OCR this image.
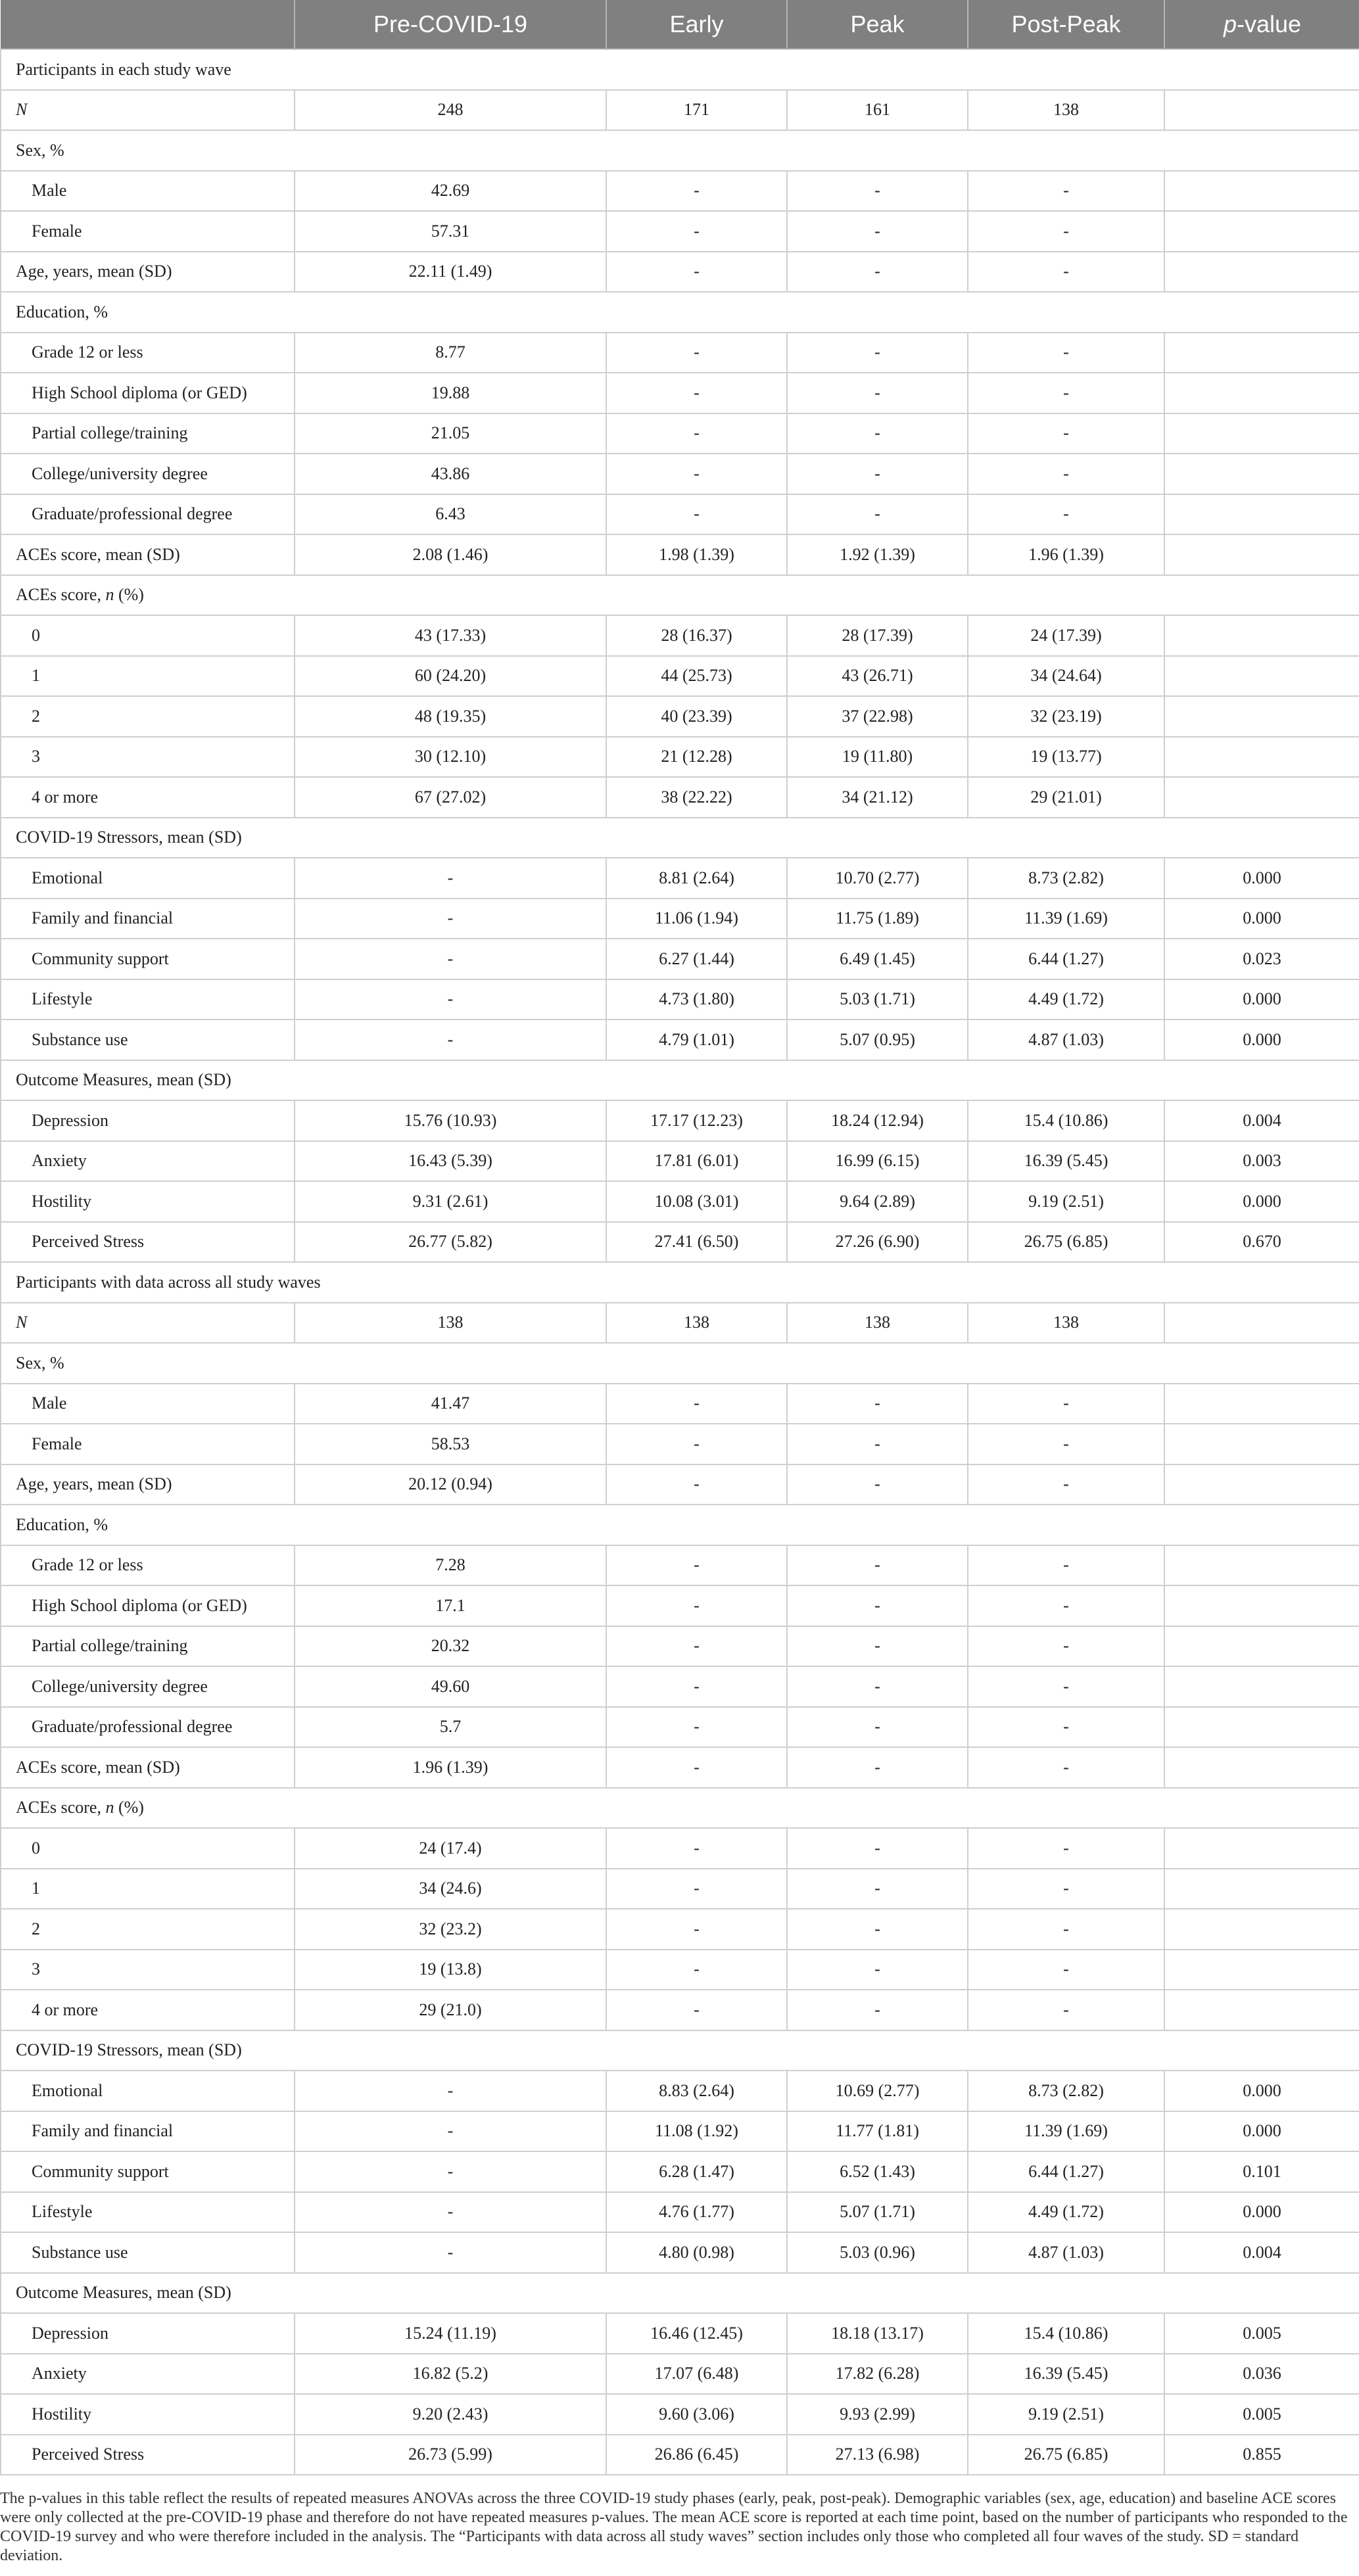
	Pre-COVID-19	Early	Peak	Post-Peak	p-value
Participants in each study wave					
N	248	171	161	138	
Sex, %					
Male	42.69	-	-	-	
Female	57.31	-	-	-	
Age, years, mean (SD)	22.11 (1.49)	-	-	-	
Education, %					
Grade 12 or less	8.77	-	-	-	
High School diploma (or GED)	19.88	-	-	-	
Partial college/training	21.05	-	-	-	
College/university degree	43.86	-	-	-	
Graduate/professional degree	6.43	-	-	-	
ACEs score, mean (SD)	2.08 (1.46)	1.98 (1.39)	1.92 (1.39)	1.96 (1.39)	
ACEs score, n (%)					
0	43 (17.33)	28 (16.37)	28 (17.39)	24 (17.39)	
1	60 (24.20)	44 (25.73)	43 (26.71)	34 (24.64)	
2	48 (19.35)	40 (23.39)	37 (22.98)	32 (23.19)	
3	30 (12.10)	21 (12.28)	19 (11.80)	19 (13.77)	
4 or more	67 (27.02)	38 (22.22)	34 (21.12)	29 (21.01)	
COVID-19 Stressors, mean (SD)					
Emotional	-	8.81 (2.64)	10.70 (2.77)	8.73 (2.82)	0.000
Family and financial	-	11.06 (1.94)	11.75 (1.89)	11.39 (1.69)	0.000
Community support	-	6.27 (1.44)	6.49 (1.45)	6.44 (1.27)	0.023
Lifestyle	-	4.73 (1.80)	5.03 (1.71)	4.49 (1.72)	0.000
Substance use	-	4.79 (1.01)	5.07 (0.95)	4.87 (1.03)	0.000
Outcome Measures, mean (SD)					
Depression	15.76 (10.93)	17.17 (12.23)	18.24 (12.94)	15.4 (10.86)	0.004
Anxiety	16.43 (5.39)	17.81 (6.01)	16.99 (6.15)	16.39 (5.45)	0.003
Hostility	9.31 (2.61)	10.08 (3.01)	9.64 (2.89)	9.19 (2.51)	0.000
Perceived Stress	26.77 (5.82)	27.41 (6.50)	27.26 (6.90)	26.75 (6.85)	0.670
Participants with data across all study waves					
N	138	138	138	138	
Sex, %					
Male	41.47	-	-	-	
Female	58.53	-	-	-	
Age, years, mean (SD)	20.12 (0.94)	-	-	-	
Education, %					
Grade 12 or less	7.28	-	-	-	
High School diploma (or GED)	17.1	-	-	-	
Partial college/training	20.32	-	-	-	
College/university degree	49.60	-	-	-	
Graduate/professional degree	5.7	-	-	-	
ACEs score, mean (SD)	1.96 (1.39)	-	-	-	
ACEs score, n (%)					
0	24 (17.4)	-	-	-	
1	34 (24.6)	-	-	-	
2	32 (23.2)	-	-	-	
3	19 (13.8)	-	-	-	
4 or more	29 (21.0)	-	-	-	
COVID-19 Stressors, mean (SD)					
Emotional	-	8.83 (2.64)	10.69 (2.77)	8.73 (2.82)	0.000
Family and financial	-	11.08 (1.92)	11.77 (1.81)	11.39 (1.69)	0.000
Community support	-	6.28 (1.47)	6.52 (1.43)	6.44 (1.27)	0.101
Lifestyle	-	4.76 (1.77)	5.07 (1.71)	4.49 (1.72)	0.000
Substance use	-	4.80 (0.98)	5.03 (0.96)	4.87 (1.03)	0.004
Outcome Measures, mean (SD)					
Depression	15.24 (11.19)	16.46 (12.45)	18.18 (13.17)	15.4 (10.86)	0.005
Anxiety	16.82 (5.2)	17.07 (6.48)	17.82 (6.28)	16.39 (5.45)	0.036
Hostility	9.20 (2.43)	9.60 (3.06)	9.93 (2.99)	9.19 (2.51)	0.005
Perceived Stress	26.73 (5.99)	26.86 (6.45)	27.13 (6.98)	26.75 (6.85)	0.855

The p-values in this table reflect the results of repeated measures ANOVAs across the three COVID-19 study phases (early, peak, post-peak). Demographic variables (sex, age, education) and baseline ACE scores were only collected at the pre-COVID-19 phase and therefore do not have repeated measures p-values. The mean ACE score is reported at each time point, based on the number of participants who responded to the COVID-19 survey and who were therefore included in the analysis. The “Participants with data across all study waves” section includes only those who completed all four waves of the study. SD = standard deviation.
